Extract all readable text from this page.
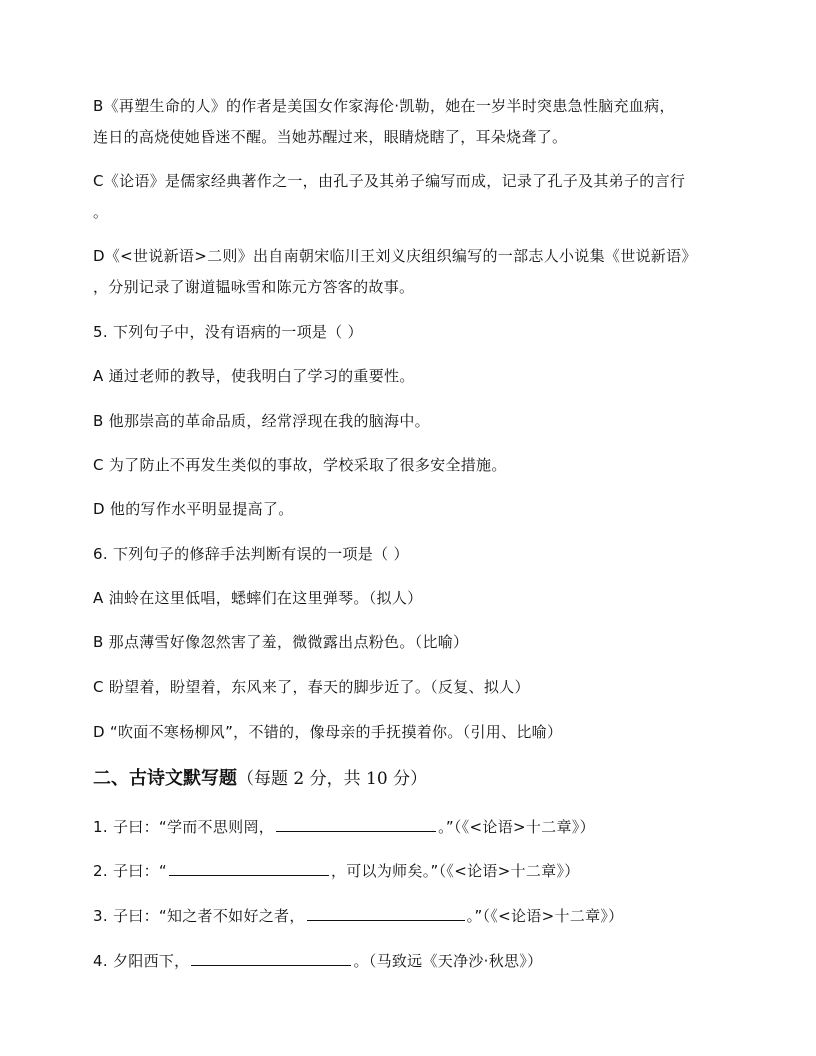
B《再塑生命的人》的作者是美国女作家海伦·凯勒，她在一岁半时突患急性脑充血病，
连日的高烧使她昏迷不醒。当她苏醒过来，眼睛烧瞎了，耳朵烧聋了。
C《论语》是儒家经典著作之一，由孔子及其弟子编写而成，记录了孔子及其弟子的言行
。
D《<世说新语>二则》出自南朝宋临川王刘义庆组织编写的一部志人小说集《世说新语》
，分别记录了谢道韫咏雪和陈元方答客的故事。
5. 下列句子中，没有语病的一项是（ ）
A 通过老师的教导，使我明白了学习的重要性。
B 他那崇高的革命品质，经常浮现在我的脑海中。
C 为了防止不再发生类似的事故，学校采取了很多安全措施。
D 他的写作水平明显提高了。
6. 下列句子的修辞手法判断有误的一项是（ ）
A 油蛉在这里低唱，蟋蟀们在这里弹琴。（拟人）
B 那点薄雪好像忽然害了羞，微微露出点粉色。（比喻）
C 盼望着，盼望着，东风来了，春天的脚步近了。（反复、拟人）
D “吹面不寒杨柳风”，不错的，像母亲的手抚摸着你。（引用、比喻）
二、古诗文默写题（每题 2 分，共 10 分）
1. 子曰：“学而不思则罔，	。”（《<论语>十二章》）
2. 子曰：“	，可以为师矣。”（《<论语>十二章》）
3. 子曰：“知之者不如好之者，	。”（《<论语>十二章》）
4. 夕阳西下，	。（马致远《天净沙·秋思》）
